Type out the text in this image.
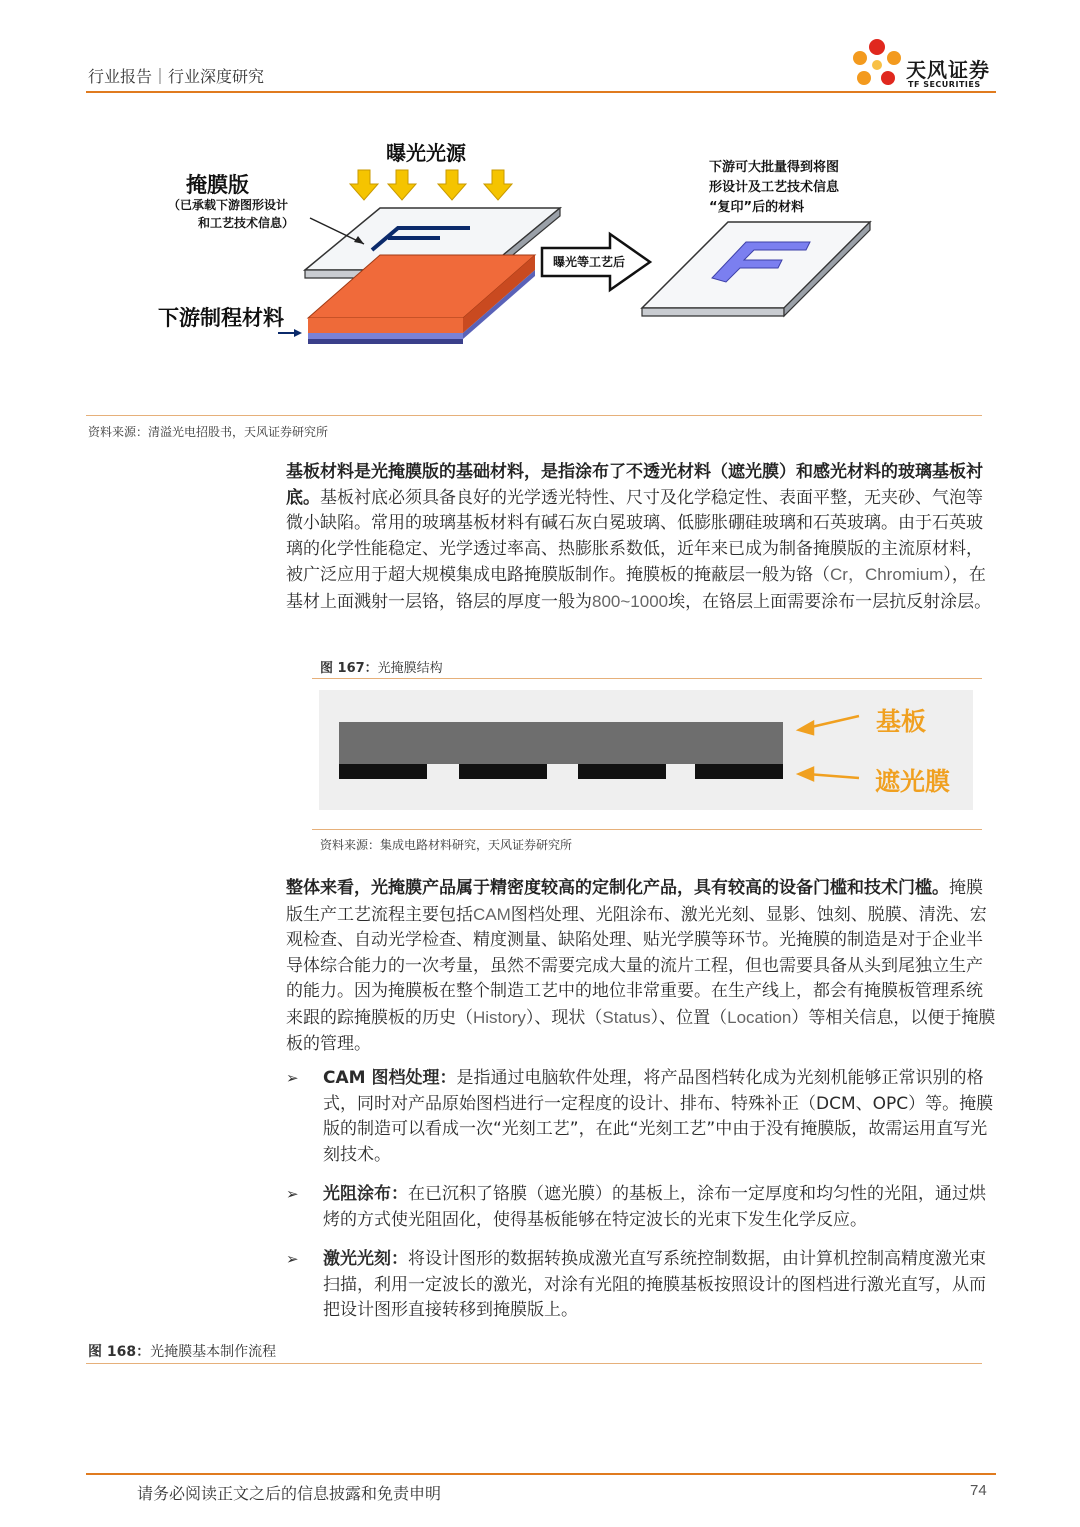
行业报告｜行业深度研究	天风证券
TF SECURITIES
曝光光源
掩膜版
（已承载下游图形设计
和工艺技术信息）
下游制程材料
曝光等工艺后
下游可大批量得到将图
形设计及工艺技术信息
“复印”后的材料
资料来源：清溢光电招股书，天风证券研究所
基板材料是光掩膜版的基础材料，是指涂布了不透光材料（遮光膜）和感光材料的玻璃基板衬底。基板衬底必须具备良好的光学透光特性、尺寸及化学稳定性、表面平整，无夹砂、气泡等微小缺陷。常用的玻璃基板材料有碱石灰白冕玻璃、低膨胀硼硅玻璃和石英玻璃。由于石英玻璃的化学性能稳定、光学透过率高、热膨胀系数低，近年来已成为制备掩膜版的主流原材料，被广泛应用于超大规模集成电路掩膜版制作。掩膜板的掩蔽层一般为铬（Cr，Chromium），在基材上面溅射一层铬，铬层的厚度一般为800~1000埃，在铬层上面需要涂布一层抗反射涂层。
图 167：光掩膜结构
基板
遮光膜
资料来源：集成电路材料研究，天风证券研究所
整体来看，光掩膜产品属于精密度较高的定制化产品，具有较高的设备门槛和技术门槛。掩膜版生产工艺流程主要包括CAM图档处理、光阻涂布、激光光刻、显影、蚀刻、脱膜、清洗、宏观检查、自动光学检查、精度测量、缺陷处理、贴光学膜等环节。光掩膜的制造是对于企业半导体综合能力的一次考量，虽然不需要完成大量的流片工程，但也需要具备从头到尾独立生产的能力。因为掩膜板在整个制造工艺中的地位非常重要。在生产线上，都会有掩膜板管理系统来跟的踪掩膜板的历史（History）、现状（Status）、位置（Location）等相关信息，以便于掩膜板的管理。
➢ CAM 图档处理：是指通过电脑软件处理，将产品图档转化成为光刻机能够正常识别的格式，同时对产品原始图档进行一定程度的设计、排布、特殊补正（DCM、OPC）等。掩膜版的制造可以看成一次“光刻工艺”，在此“光刻工艺”中由于没有掩膜版，故需运用直写光刻技术。
➢ 光阻涂布：在已沉积了铬膜（遮光膜）的基板上，涂布一定厚度和均匀性的光阻，通过烘烤的方式使光阻固化，使得基板能够在特定波长的光束下发生化学反应。
➢ 激光光刻：将设计图形的数据转换成激光直写系统控制数据，由计算机控制高精度激光束扫描，利用一定波长的激光，对涂有光阻的掩膜基板按照设计的图档进行激光直写，从而把设计图形直接转移到掩膜版上。
图 168：光掩膜基本制作流程
请务必阅读正文之后的信息披露和免责申明	74
